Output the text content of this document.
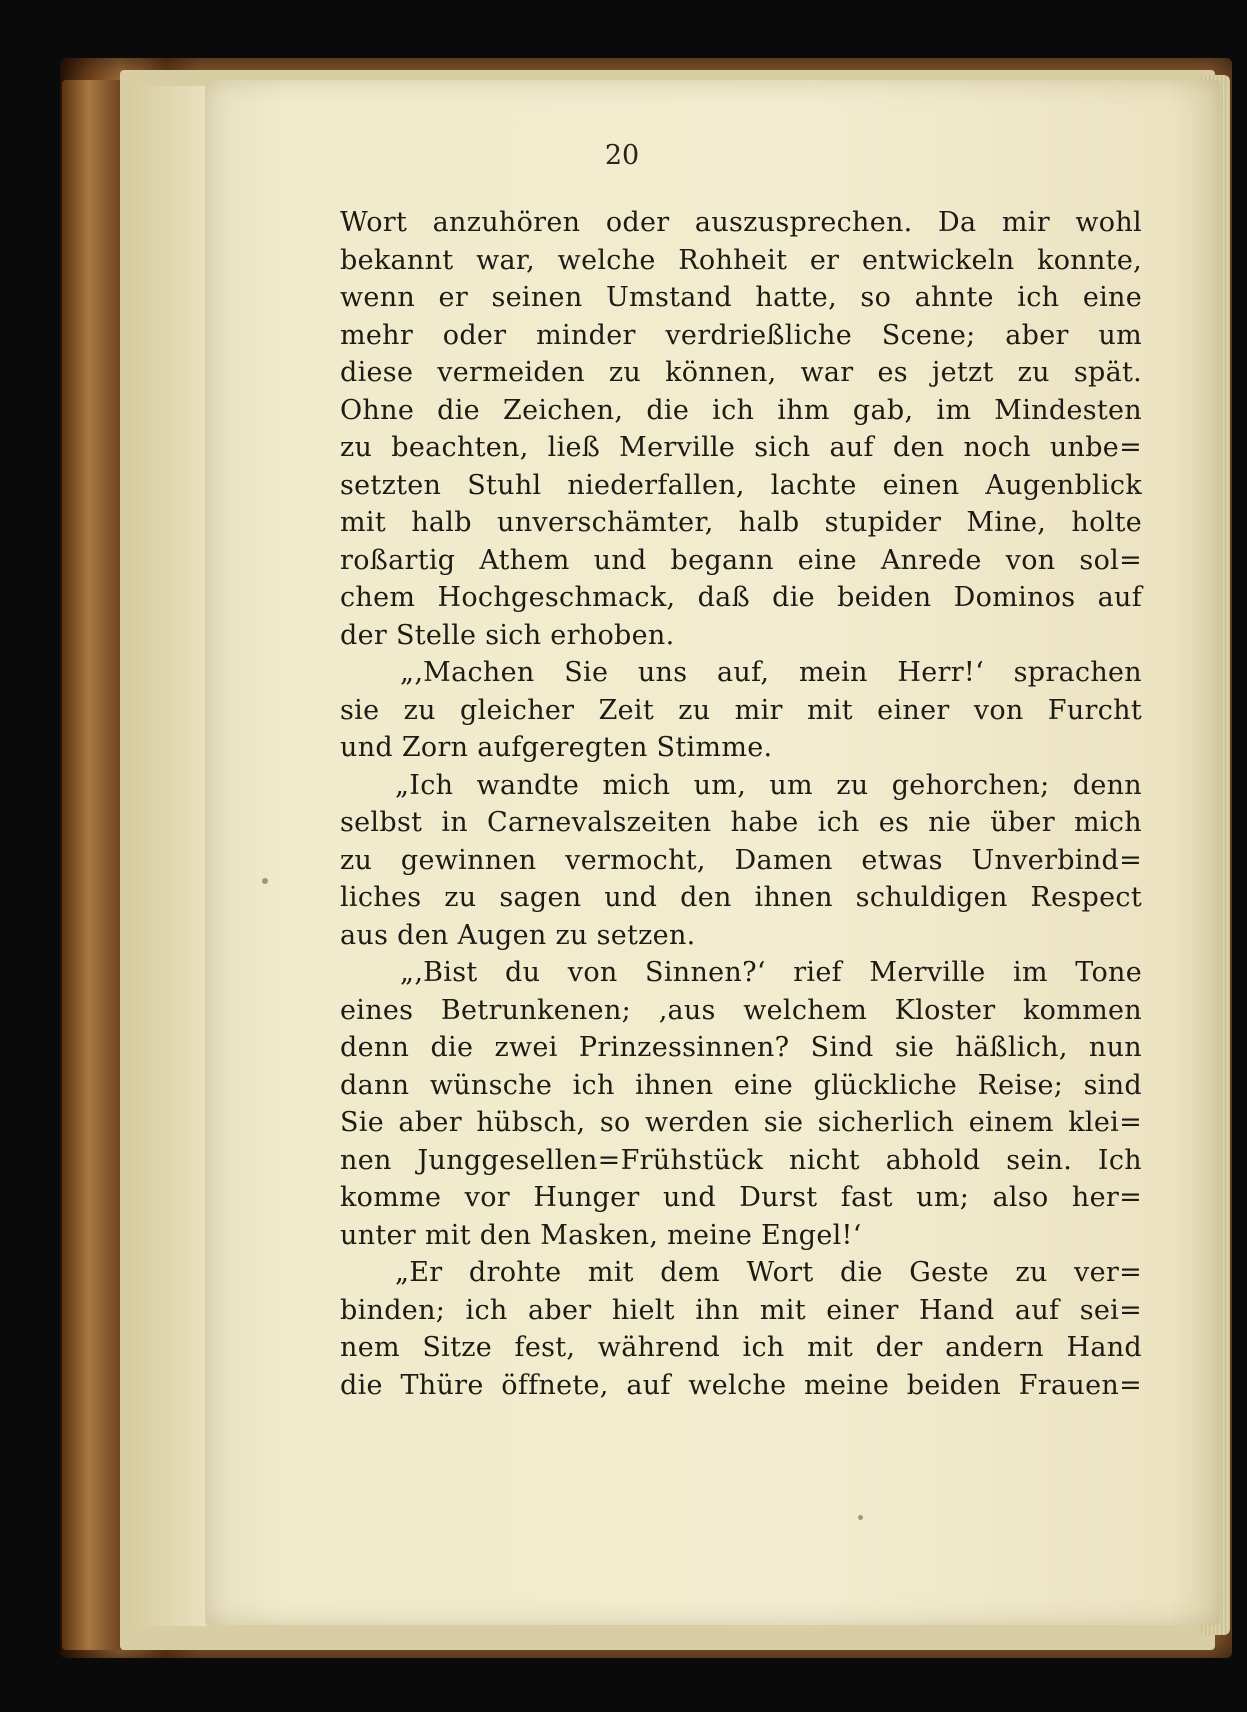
20
Wort anzuhören oder auszusprechen. Da mir wohl
bekannt war, welche Rohheit er entwickeln konnte,
wenn er seinen Umstand hatte, so ahnte ich eine
mehr oder minder verdrießliche Scene; aber um
diese vermeiden zu können, war es jetzt zu spät.
Ohne die Zeichen, die ich ihm gab, im Mindesten
zu beachten, ließ Merville sich auf den noch unbe=
setzten Stuhl niederfallen, lachte einen Augenblick
mit halb unverschämter, halb stupider Mine, holte
roßartig Athem und begann eine Anrede von sol=
chem Hochgeschmack, daß die beiden Dominos auf
der Stelle sich erhoben.
„‚Machen Sie uns auf, mein Herr!‘ sprachen
sie zu gleicher Zeit zu mir mit einer von Furcht
und Zorn aufgeregten Stimme.
„Ich wandte mich um, um zu gehorchen; denn
selbst in Carnevalszeiten habe ich es nie über mich
zu gewinnen vermocht, Damen etwas Unverbind=
liches zu sagen und den ihnen schuldigen Respect
aus den Augen zu setzen.
„‚Bist du von Sinnen?‘ rief Merville im Tone
eines Betrunkenen; ‚aus welchem Kloster kommen
denn die zwei Prinzessinnen? Sind sie häßlich, nun
dann wünsche ich ihnen eine glückliche Reise; sind
Sie aber hübsch, so werden sie sicherlich einem klei=
nen Junggesellen=Frühstück nicht abhold sein. Ich
komme vor Hunger und Durst fast um; also her=
unter mit den Masken, meine Engel!‘
„Er drohte mit dem Wort die Geste zu ver=
binden; ich aber hielt ihn mit einer Hand auf sei=
nem Sitze fest, während ich mit der andern Hand
die Thüre öffnete, auf welche meine beiden Frauen=
